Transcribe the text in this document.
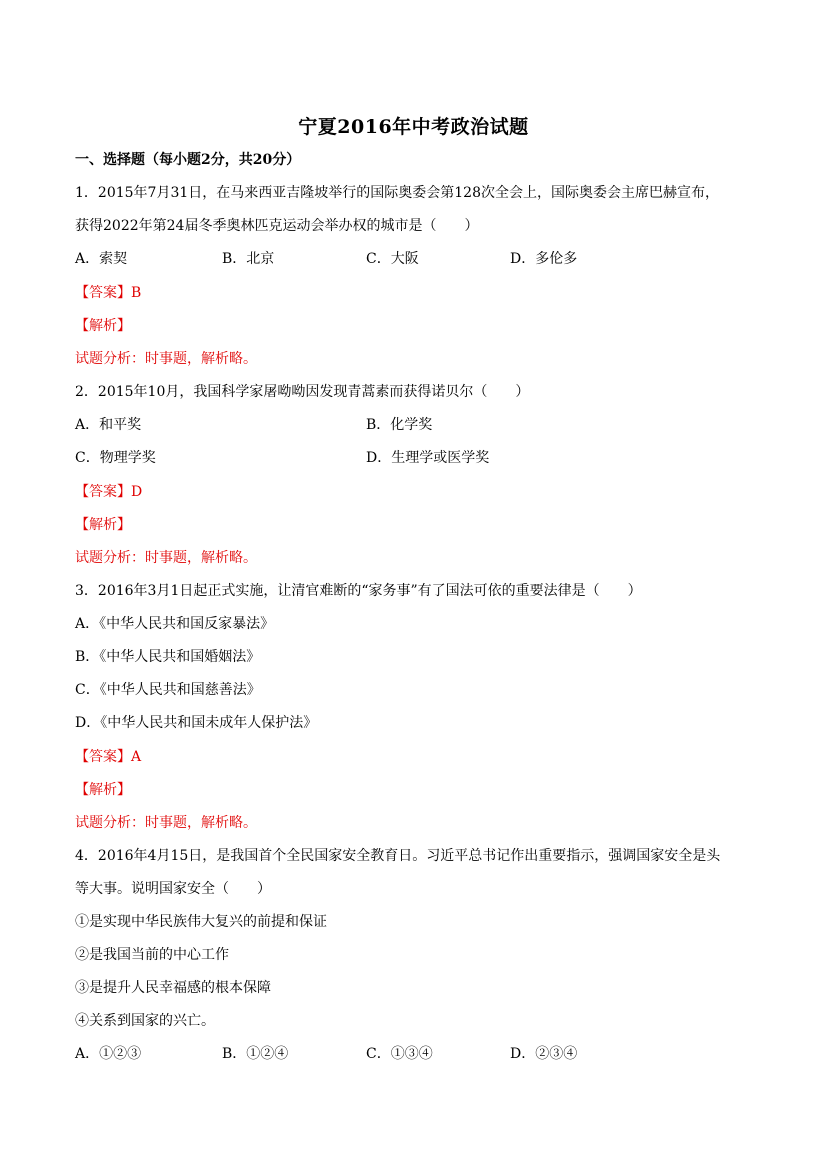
宁夏2016年中考政治试题
一、选择题（每小题2分，共20分）
1．2015年7月31日，在马来西亚吉隆坡举行的国际奥委会第128次全会上，国际奥委会主席巴赫宣布，
获得2022年第24届冬季奥林匹克运动会举办权的城市是（　　）
A．索契	B．北京	C．大阪	D．多伦多
【答案】B
【解析】
试题分析：时事题，解析略。
2．2015年10月，我国科学家屠呦呦因发现青蒿素而获得诺贝尔（　　）
A．和平奖	B．化学奖
C．物理学奖	D．生理学或医学奖
【答案】D
【解析】
试题分析：时事题，解析略。
3．2016年3月1日起正式实施，让清官难断的“家务事”有了国法可依的重要法律是（　　）
A．《中华人民共和国反家暴法》
B．《中华人民共和国婚姻法》
C．《中华人民共和国慈善法》
D．《中华人民共和国未成年人保护法》
【答案】A
【解析】
试题分析：时事题，解析略。
4．2016年4月15日，是我国首个全民国家安全教育日。习近平总书记作出重要指示，强调国家安全是头
等大事。说明国家安全（　　）
①是实现中华民族伟大复兴的前提和保证
②是我国当前的中心工作
③是提升人民幸福感的根本保障
④关系到国家的兴亡。
A．①②③	B．①②④	C．①③④	D．②③④
